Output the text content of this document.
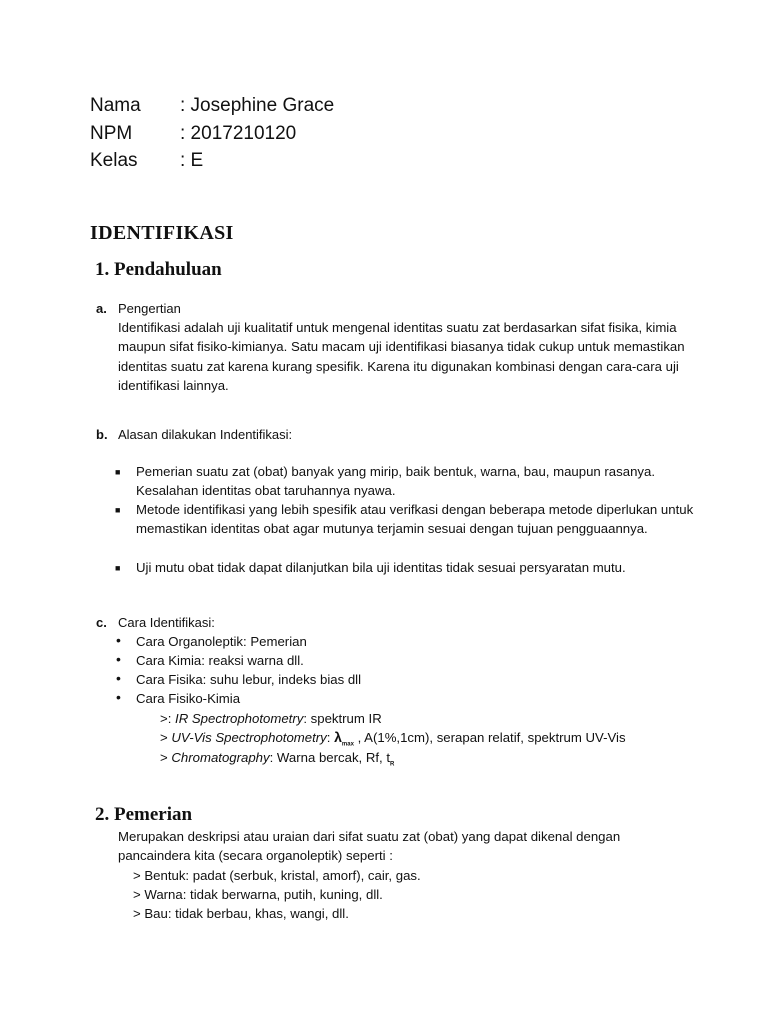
Nama : Josephine Grace
NPM	: 2017210120
Kelas : E
IDENTIFIKASI
1. Pendahuluan
a. Pengertian
Identifikasi adalah uji kualitatif untuk mengenal identitas suatu zat berdasarkan sifat fisika, kimia maupun sifat fisiko-kimianya. Satu macam uji identifikasi biasanya tidak cukup untuk memastikan identitas suatu zat karena kurang spesifik. Karena itu digunakan kombinasi dengan cara-cara uji identifikasi lainnya.
b. Alasan dilakukan Indentifikasi:
■ Pemerian suatu zat (obat) banyak yang mirip, baik bentuk, warna, bau, maupun rasanya. Kesalahan identitas obat taruhannya nyawa.
■ Metode identifikasi yang lebih spesifik atau verifkasi dengan beberapa metode diperlukan untuk memastikan identitas obat agar mutunya terjamin sesuai dengan tujuan pengguaannya.
■ Uji mutu obat tidak dapat dilanjutkan bila uji identitas tidak sesuai persyaratan mutu.
c. Cara Identifikasi:
• Cara Organoleptik: Pemerian
• Cara Kimia: reaksi warna dll.
• Cara Fisika: suhu lebur, indeks bias dll
• Cara Fisiko-Kimia
>: IR Spectrophotometry: spektrum IR
> UV-Vis Spectrophotometry: $\lambda_{max}$ , A(1%,1cm), serapan relatif, spektrum UV-Vis
> Chromatography: Warna bercak, Rf, $t_R$
2. Pemerian
Merupakan deskripsi atau uraian dari sifat suatu zat (obat) yang dapat dikenal dengan pancaindera kita (secara organoleptik) seperti :
> Bentuk: padat (serbuk, kristal, amorf), cair, gas.
> Warna: tidak berwarna, putih, kuning, dll.
> Bau: tidak berbau, khas, wangi, dll.
